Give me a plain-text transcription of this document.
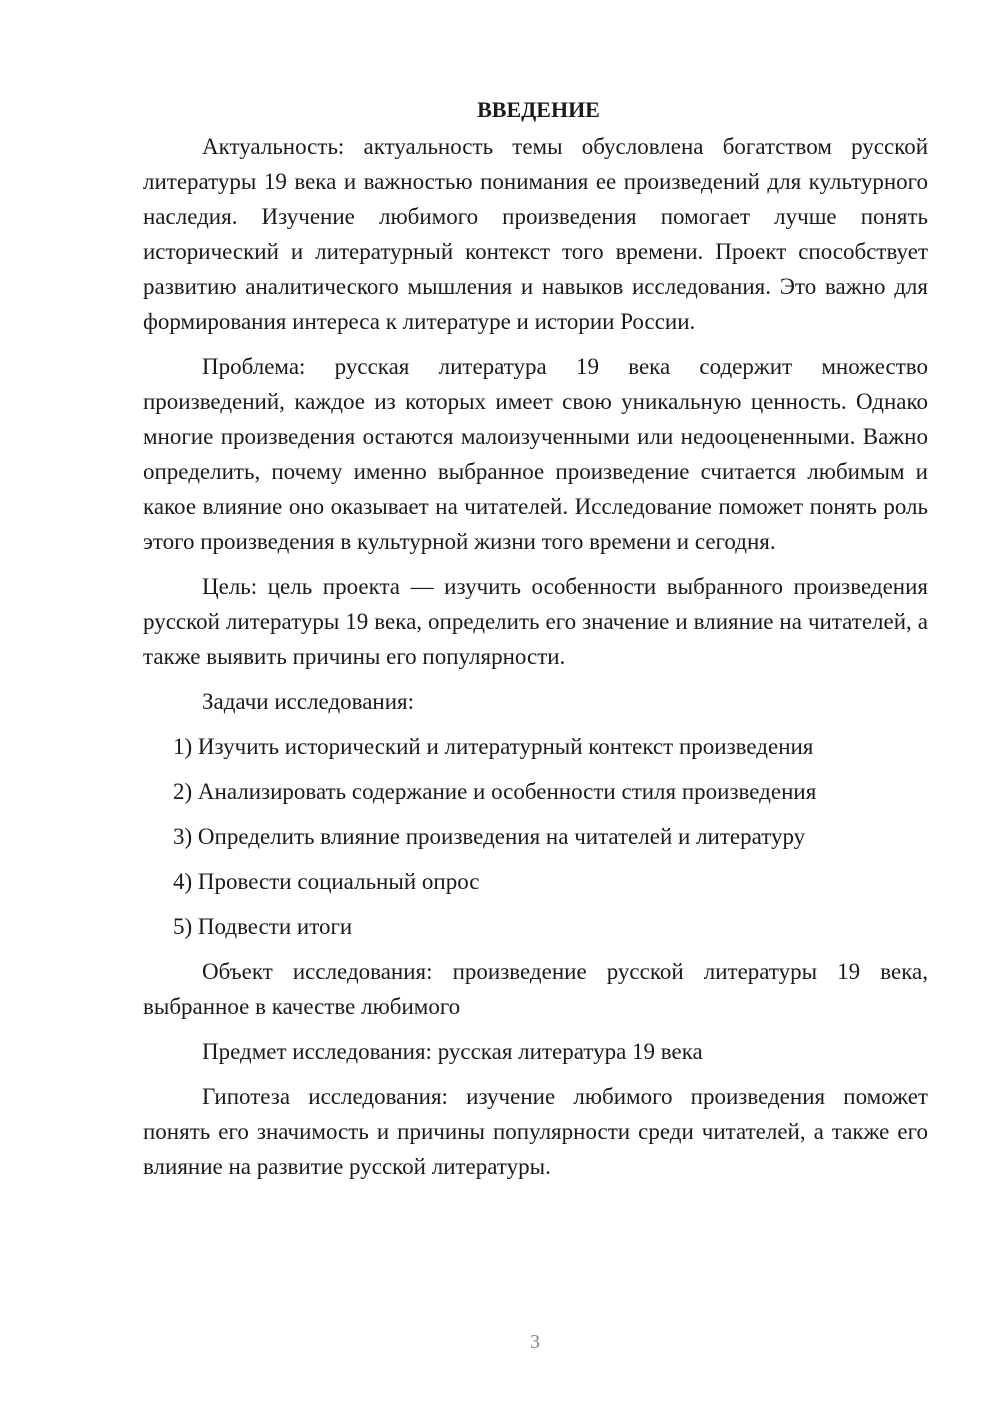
ВВЕДЕНИЕ

Актуальность: актуальность темы обусловлена богатством русской литературы 19 века и важностью понимания ее произведений для культурного наследия. Изучение любимого произведения помогает лучше понять исторический и литературный контекст того времени. Проект способствует развитию аналитического мышления и навыков исследования. Это важно для формирования интереса к литературе и истории России.

Проблема: русская литература 19 века содержит множество произведений, каждое из которых имеет свою уникальную ценность. Однако многие произведения остаются малоизученными или недооцененными. Важно определить, почему именно выбранное произведение считается любимым и какое влияние оно оказывает на читателей. Исследование поможет понять роль этого произведения в культурной жизни того времени и сегодня.

Цель: цель проекта — изучить особенности выбранного произведения русской литературы 19 века, определить его значение и влияние на читателей, а также выявить причины его популярности.

Задачи исследования:

1) Изучить исторический и литературный контекст произведения
2) Анализировать содержание и особенности стиля произведения
3) Определить влияние произведения на читателей и литературу
4) Провести социальный опрос
5) Подвести итоги

Объект исследования: произведение русской литературы 19 века, выбранное в качестве любимого

Предмет исследования: русская литература 19 века

Гипотеза исследования: изучение любимого произведения поможет понять его значимость и причины популярности среди читателей, а также его влияние на развитие русской литературы.

3
